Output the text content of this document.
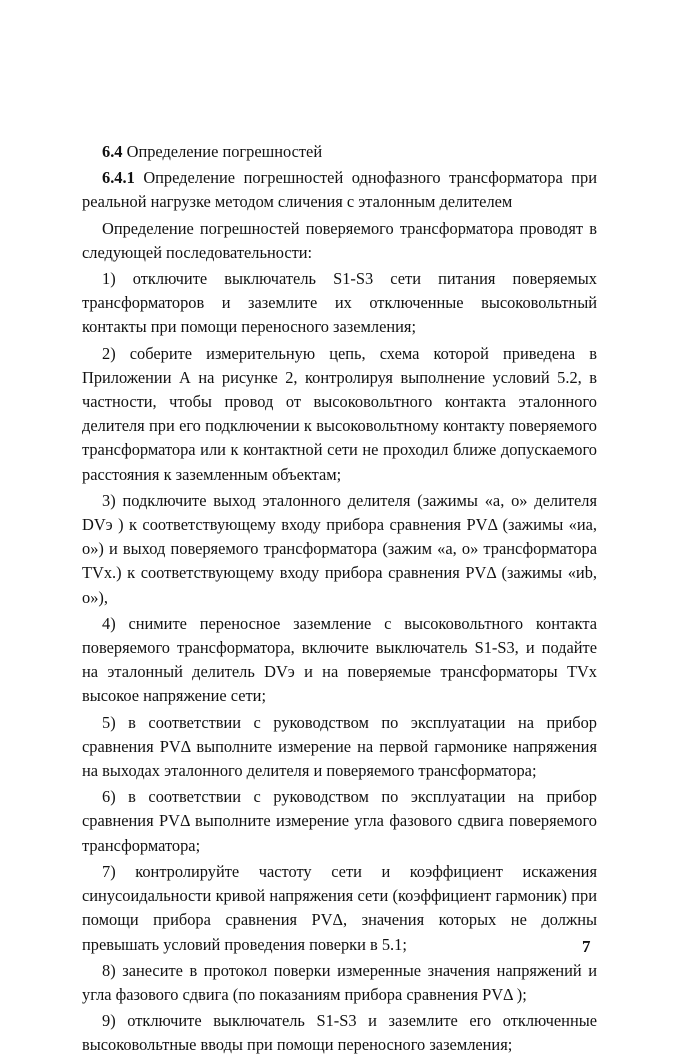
6.4 Определение погрешностей

6.4.1 Определение погрешностей однофазного трансформатора при реальной нагрузке методом сличения с эталонным делителем

Определение погрешностей поверяемого трансформатора проводят в следующей последовательности:

1) отключите выключатель S1-S3 сети питания поверяемых трансформаторов и заземлите их отключенные высоковольтный контакты при помощи переносного заземления;

2) соберите измерительную цепь, схема которой приведена в Приложении А на рисунке 2, контролируя выполнение условий 5.2, в частности, чтобы провод от высоковольтного контакта эталонного делителя при его подключении к высоковольтному контакту поверяемого трансформатора или к контактной сети не проходил ближе допускаемого расстояния к заземленным объектам;

3) подключите выход эталонного делителя (зажимы «а, о» делителя DVэ ) к соответствующему входу прибора сравнения PVΔ (зажимы «иа, о») и выход поверяемого трансформатора (зажим «а, о» трансформатора TVx.) к соответствующему входу прибора сравнения PVΔ (зажимы «иb, о»),

4) снимите переносное заземление с высоковольтного контакта поверяемого трансформатора, включите выключатель S1-S3, и подайте на эталонный делитель DVэ и на поверяемые трансформаторы TVx высокое напряжение сети;

5) в соответствии с руководством по эксплуатации на прибор сравнения PVΔ выполните измерение на первой гармонике напряжения на выходах эталонного делителя и поверяемого трансформатора;

6) в соответствии с руководством по эксплуатации на прибор сравнения PVΔ выполните измерение угла фазового сдвига поверяемого трансформатора;

7) контролируйте частоту сети и коэффициент искажения синусоидальности кривой напряжения сети (коэффициент гармоник) при помощи прибора сравнения PVΔ, значения которых не должны превышать условий проведения поверки в 5.1;

8) занесите в протокол поверки измеренные значения напряжений и угла фазового сдвига (по показаниям прибора сравнения PVΔ );

9) отключите выключатель S1-S3 и заземлите его отключенные высоковольтные вводы при помощи переносного заземления;

7
